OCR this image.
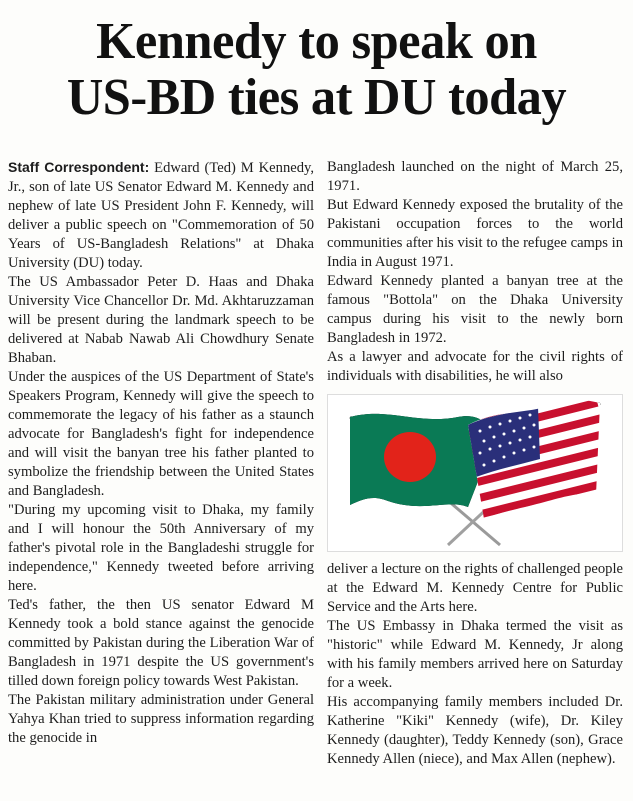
Kennedy to speak on
US-BD ties at DU today

Staff Correspondent: Edward (Ted) M Kennedy, Jr., son of late US Senator Edward M. Kennedy and nephew of late US President John F. Kennedy, will deliver a public speech on "Commemoration of 50 Years of US-Bangladesh Relations" at Dhaka University (DU) today.

The US Ambassador Peter D. Haas and Dhaka University Vice Chancellor Dr. Md. Akhtaruzzaman will be present during the landmark speech to be delivered at Nabab Nawab Ali Chowdhury Senate Bhaban.

Under the auspices of the US Department of State's Speakers Program, Kennedy will give the speech to commemorate the legacy of his father as a staunch advocate for Bangladesh's fight for independence and will visit the banyan tree his father planted to symbolize the friendship between the United States and Bangladesh.

"During my upcoming visit to Dhaka, my family and I will honour the 50th Anniversary of my father's pivotal role in the Bangladeshi struggle for independence," Kennedy tweeted before arriving here.

Ted's father, the then US senator Edward M Kennedy took a bold stance against the genocide committed by Pakistan during the Liberation War of Bangladesh in 1971 despite the US government's tilled down foreign policy towards West Pakistan.

The Pakistan military administration under General Yahya Khan tried to suppress information regarding the genocide in

Bangladesh launched on the night of March 25, 1971.

But Edward Kennedy exposed the brutality of the Pakistani occupation forces to the world communities after his visit to the refugee camps in India in August 1971.

Edward Kennedy planted a banyan tree at the famous "Bottola" on the Dhaka University campus during his visit to the newly born Bangladesh in 1972.

As a lawyer and advocate for the civil rights of individuals with disabilities, he will also

deliver a lecture on the rights of challenged people at the Edward M. Kennedy Centre for Public Service and the Arts here.

The US Embassy in Dhaka termed the visit as "historic" while Edward M. Kennedy, Jr along with his family members arrived here on Saturday for a week.

His accompanying family members included Dr. Katherine "Kiki" Kennedy (wife), Dr. Kiley Kennedy (daughter), Teddy Kennedy (son), Grace Kennedy Allen (niece), and Max Allen (nephew).
